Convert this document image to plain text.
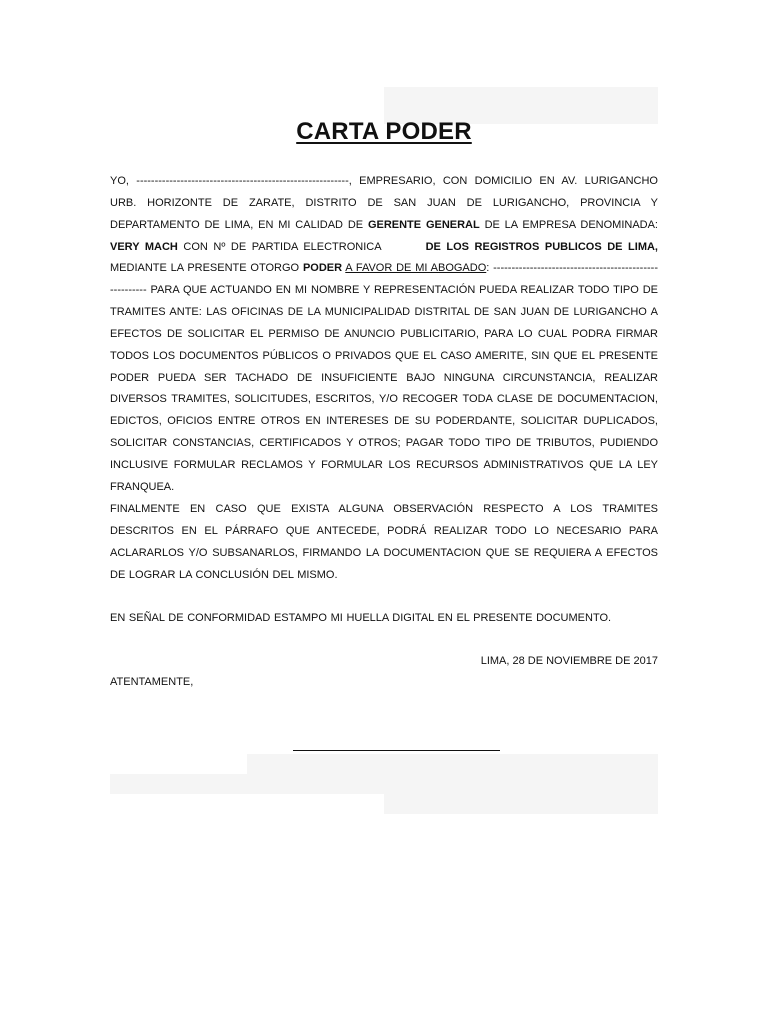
CARTA PODER
YO, ----------------------------------------------------------, EMPRESARIO, CON DOMICILIO EN AV. LURIGANCHO URB. HORIZONTE DE ZARATE, DISTRITO DE SAN JUAN DE LURIGANCHO, PROVINCIA Y DEPARTAMENTO DE LIMA, EN MI CALIDAD DE GERENTE GENERAL DE LA EMPRESA DENOMINADA: VERY MACH CON Nº DE PARTIDA ELECTRONICA	DE LOS REGISTROS PUBLICOS DE LIMA, MEDIANTE LA PRESENTE OTORGO PODER A FAVOR DE MI ABOGADO: ------------------------------------------------------- PARA QUE ACTUANDO EN MI NOMBRE Y REPRESENTACIÓN PUEDA REALIZAR TODO TIPO DE TRAMITES ANTE: LAS OFICINAS DE LA MUNICIPALIDAD DISTRITAL DE SAN JUAN DE LURIGANCHO A EFECTOS DE SOLICITAR EL PERMISO DE ANUNCIO PUBLICITARIO, PARA LO CUAL PODRA FIRMAR TODOS LOS DOCUMENTOS PÚBLICOS O PRIVADOS QUE EL CASO AMERITE, SIN QUE EL PRESENTE PODER PUEDA SER TACHADO DE INSUFICIENTE BAJO NINGUNA CIRCUNSTANCIA, REALIZAR DIVERSOS TRAMITES, SOLICITUDES, ESCRITOS, Y/O RECOGER TODA CLASE DE DOCUMENTACION, EDICTOS, OFICIOS ENTRE OTROS EN INTERESES DE SU PODERDANTE, SOLICITAR DUPLICADOS, SOLICITAR CONSTANCIAS, CERTIFICADOS Y OTROS; PAGAR TODO TIPO DE TRIBUTOS, PUDIENDO INCLUSIVE FORMULAR RECLAMOS Y FORMULAR LOS RECURSOS ADMINISTRATIVOS QUE LA LEY FRANQUEA.
FINALMENTE EN CASO QUE EXISTA ALGUNA OBSERVACIÓN RESPECTO A LOS TRAMITES DESCRITOS EN EL PÁRRAFO QUE ANTECEDE, PODRÁ REALIZAR TODO LO NECESARIO PARA ACLARARLOS Y/O SUBSANARLOS, FIRMANDO LA DOCUMENTACION QUE SE REQUIERA A EFECTOS DE LOGRAR LA CONCLUSIÓN DEL MISMO.
EN SEÑAL DE CONFORMIDAD ESTAMPO MI HUELLA DIGITAL EN EL PRESENTE DOCUMENTO.
LIMA, 28 DE NOVIEMBRE DE 2017
ATENTAMENTE,
